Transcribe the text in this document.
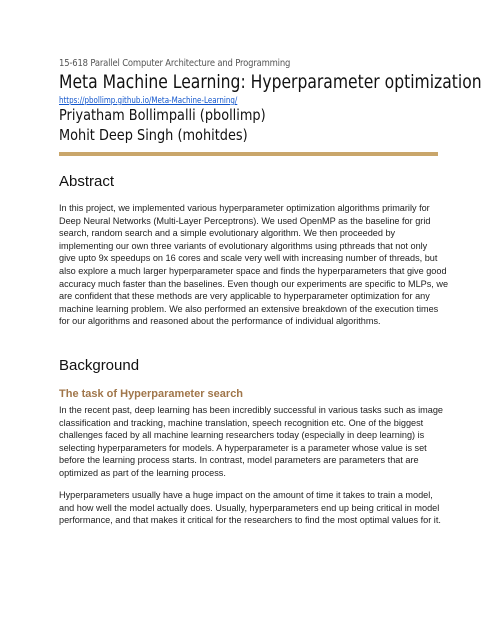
15-618 Parallel Computer Architecture and Programming
Meta Machine Learning: Hyperparameter optimization
https://pbollimp.github.io/Meta-Machine-Learning/
Priyatham Bollimpalli (pbollimp)
Mohit Deep Singh (mohitdes)
Abstract

In this project, we implemented various hyperparameter optimization algorithms primarily for
Deep Neural Networks (Multi-Layer Perceptrons). We used OpenMP as the baseline for grid
search, random search and a simple evolutionary algorithm. We then proceeded by
implementing our own three variants of evolutionary algorithms using pthreads that not only
give upto 9x speedups on 16 cores and scale very well with increasing number of threads, but
also explore a much larger hyperparameter space and finds the hyperparameters that give good
accuracy much faster than the baselines. Even though our experiments are specific to MLPs, we
are confident that these methods are very applicable to hyperparameter optimization for any
machine learning problem. We also performed an extensive breakdown of the execution times
for our algorithms and reasoned about the performance of individual algorithms.

Background
The task of Hyperparameter search

In the recent past, deep learning has been incredibly successful in various tasks such as image
classification and tracking, machine translation, speech recognition etc. One of the biggest
challenges faced by all machine learning researchers today (especially in deep learning) is
selecting hyperparameters for models. A hyperparameter is a parameter whose value is set
before the learning process starts. In contrast, model parameters are parameters that are
optimized as part of the learning process.

Hyperparameters usually have a huge impact on the amount of time it takes to train a model,
and how well the model actually does. Usually, hyperparameters end up being critical in model
performance, and that makes it critical for the researchers to find the most optimal values for it.
